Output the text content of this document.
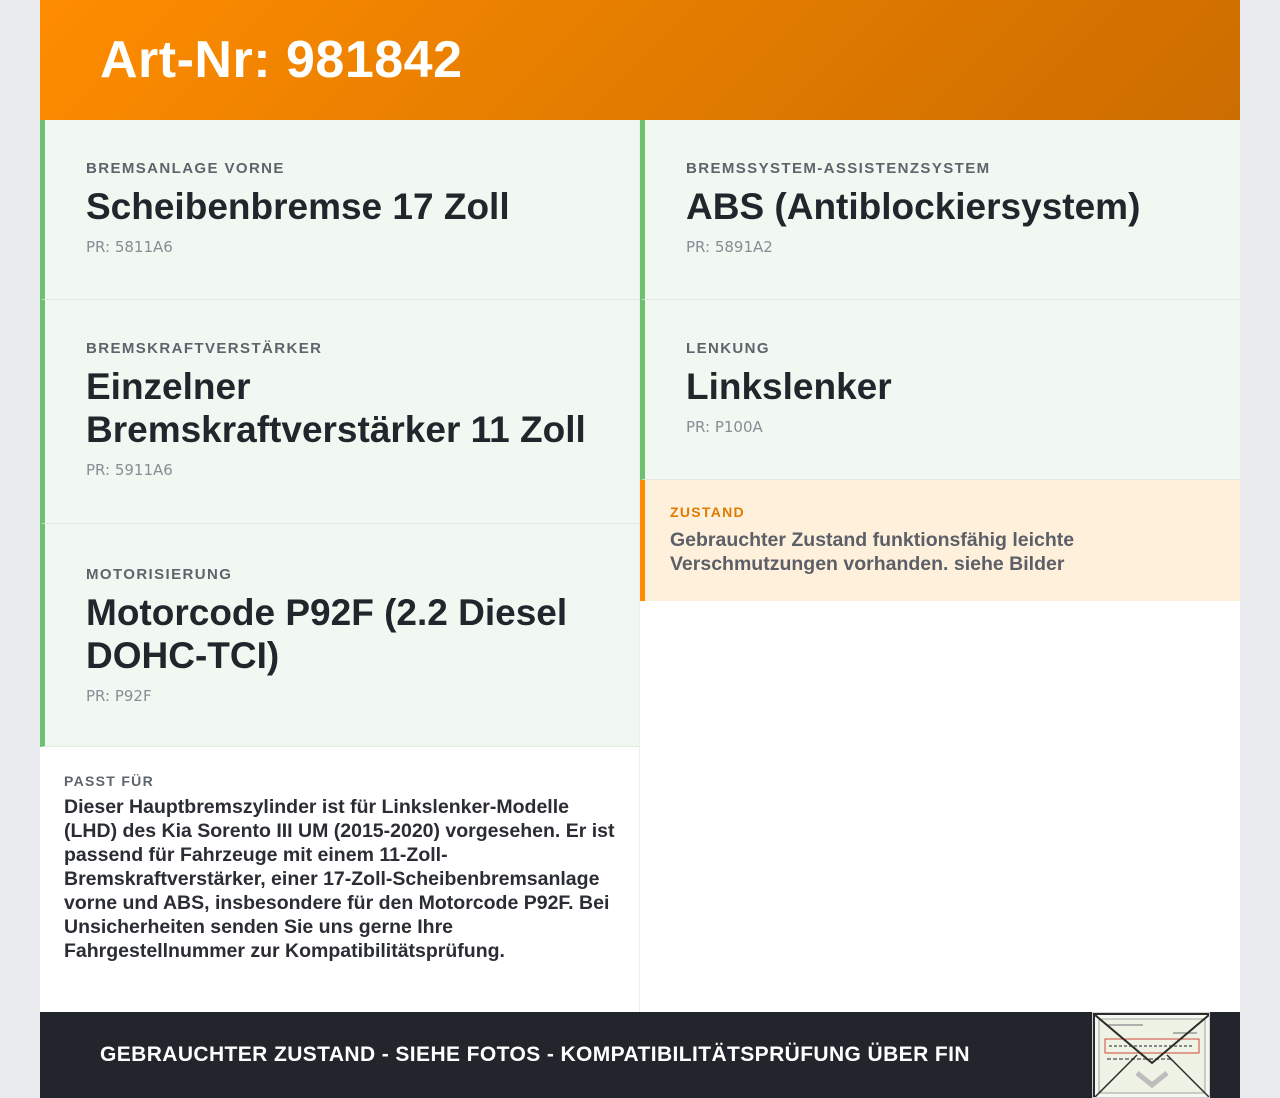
Art-Nr: 981842
BREMSANLAGE VORNE
Scheibenbremse 17 Zoll
PR: 5811A6
BREMSKRAFTVERSTÄRKER
Einzelner Bremskraftverstärker 11 Zoll
PR: 5911A6
MOTORISIERUNG
Motorcode P92F (2.2 Diesel DOHC-TCI)
PR: P92F
PASST FÜR
Dieser Hauptbremszylinder ist für Linkslenker-Modelle (LHD) des Kia Sorento III UM (2015-2020) vorgesehen. Er ist passend für Fahrzeuge mit einem 11-Zoll-Bremskraftverstärker, einer 17-Zoll-Scheibenbremsanlage vorne und ABS, insbesondere für den Motorcode P92F. Bei Unsicherheiten senden Sie uns gerne Ihre Fahrgestellnummer zur Kompatibilitätsprüfung.
BREMSSYSTEM-ASSISTENZSYSTEM
ABS (Antiblockiersystem)
PR: 5891A2
LENKUNG
Linkslenker
PR: P100A
ZUSTAND
Gebrauchter Zustand funktionsfähig leichte Verschmutzungen vorhanden. siehe Bilder
GEBRAUCHTER ZUSTAND - SIEHE FOTOS - KOMPATIBILITÄTSPRÜFUNG ÜBER FIN
